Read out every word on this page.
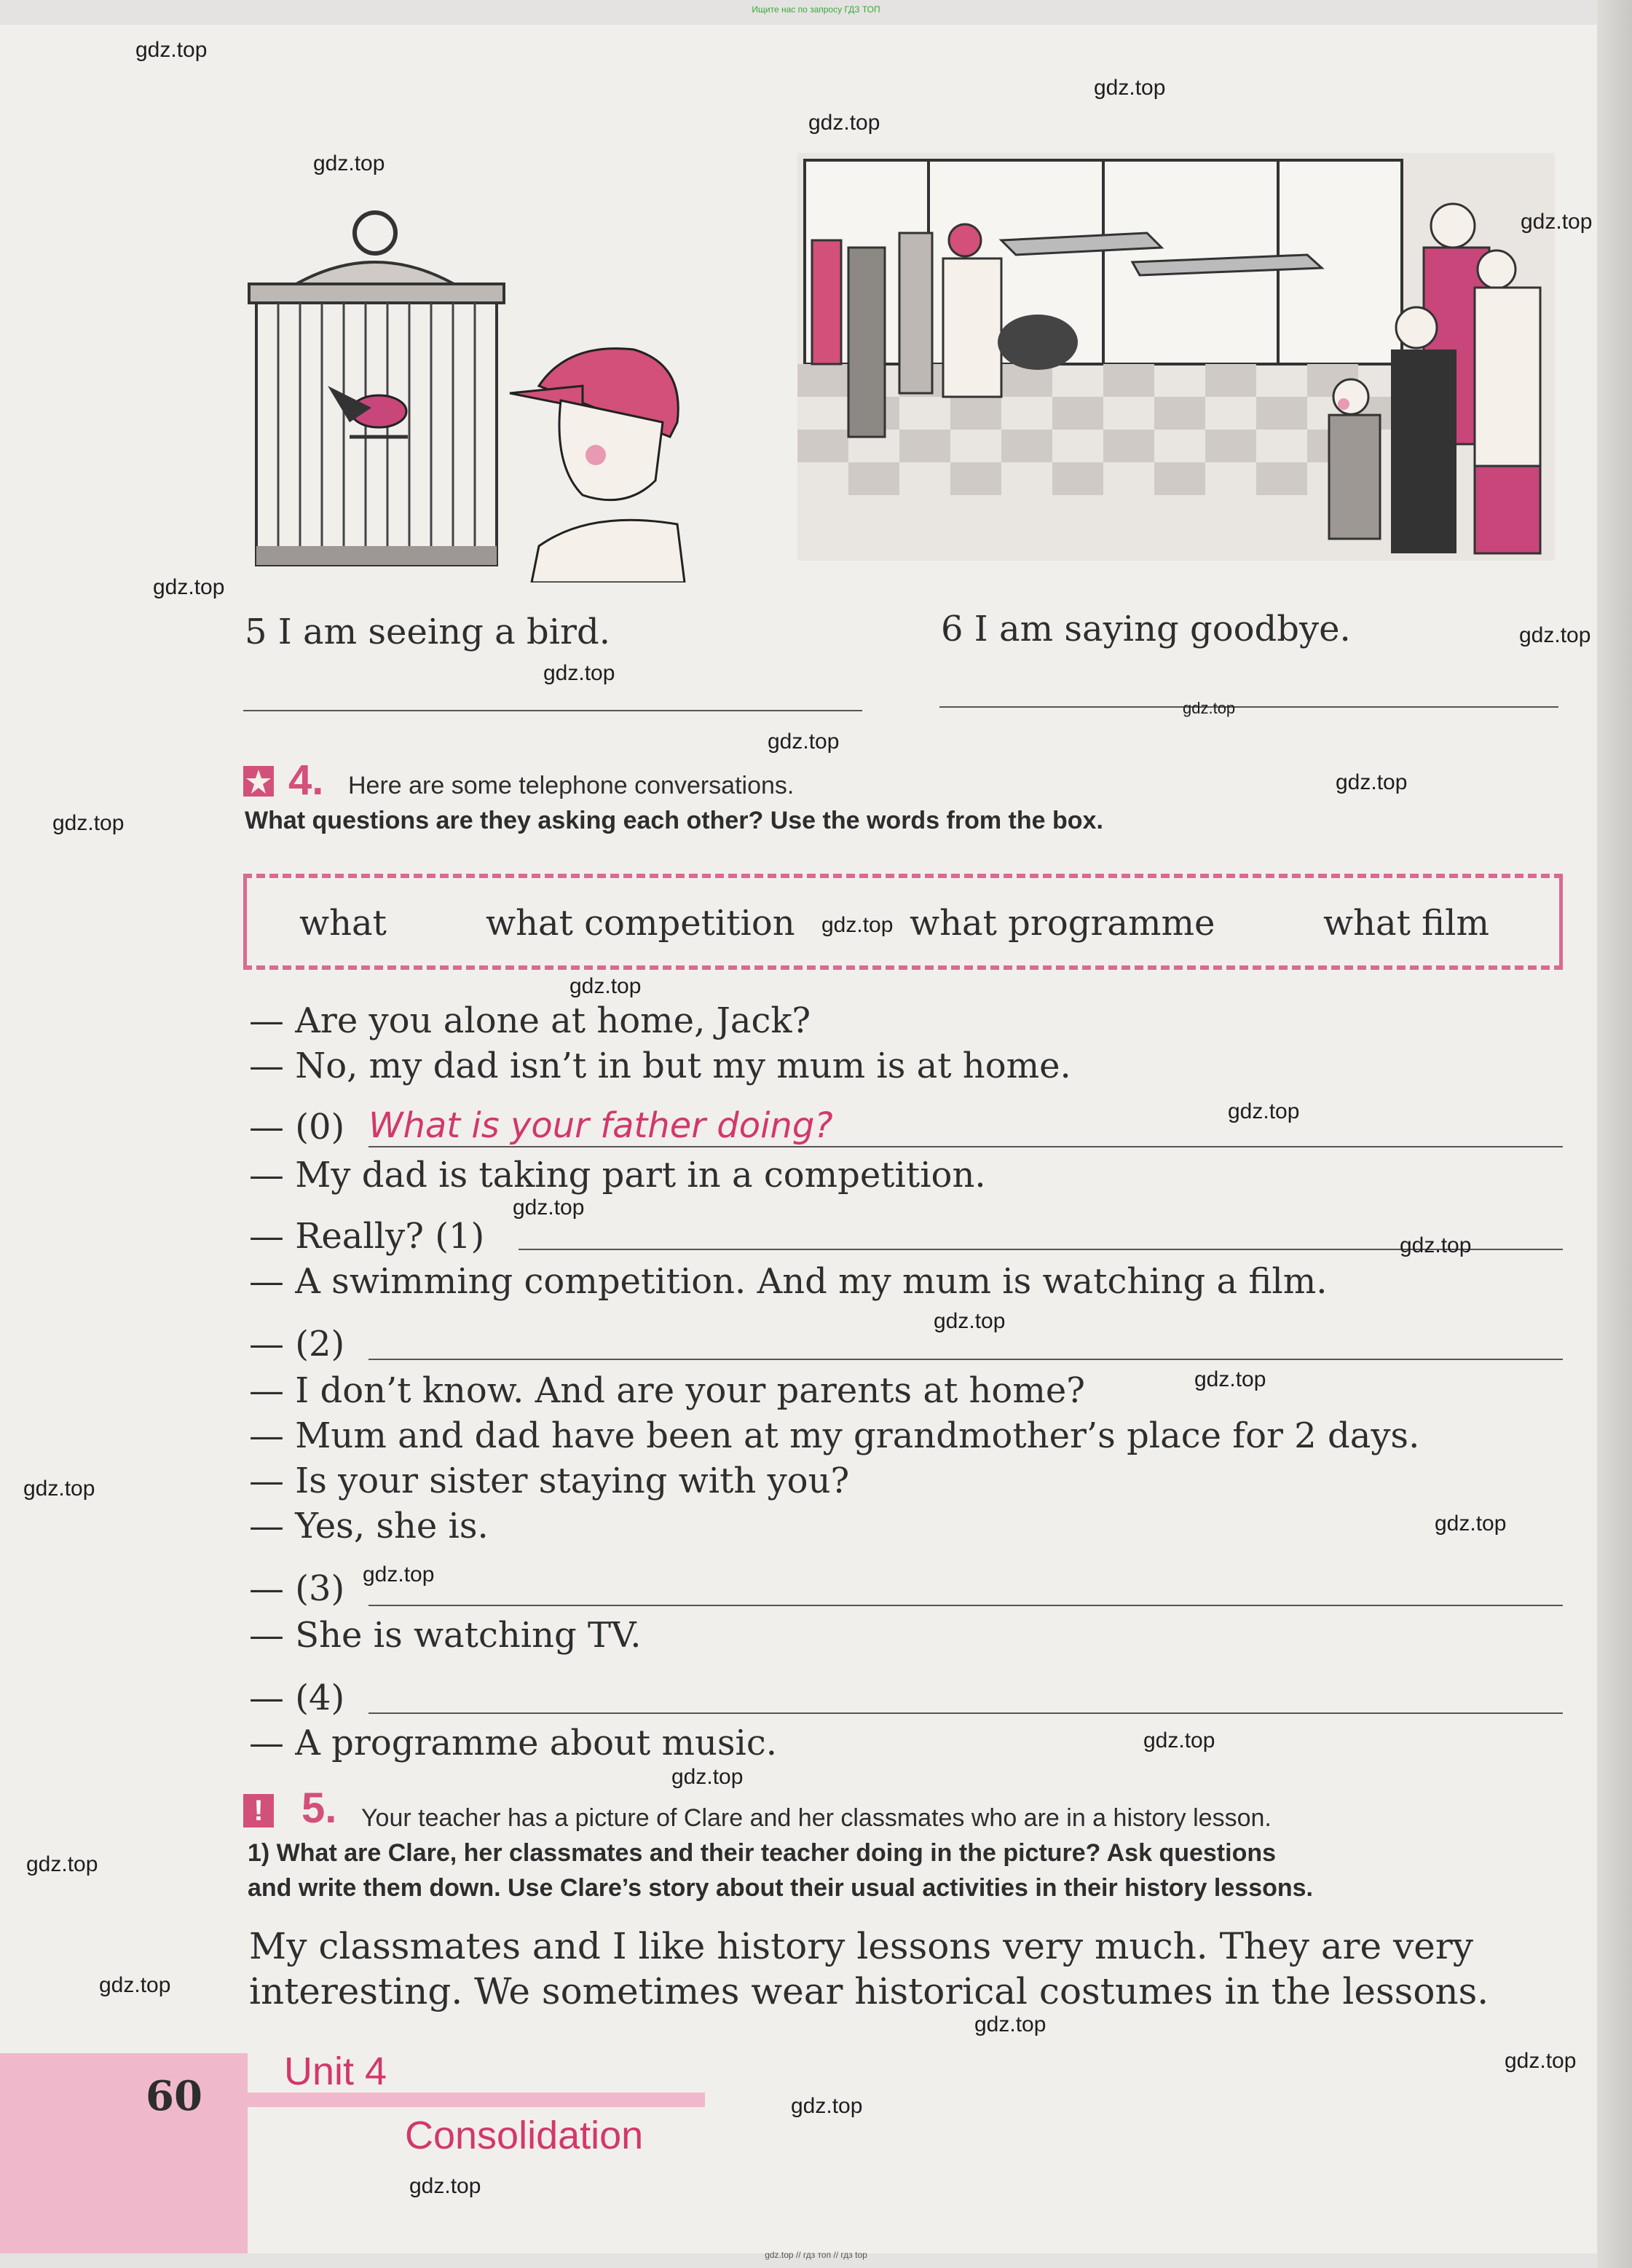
Ищите нас по запросу ГДЗ ТОП
5 I am seeing a bird.	6 I am saying goodbye.
4. Here are some telephone conversations.
What questions are they asking each other? Use the words from the box.
what	what competition	what programme	what film
— Are you alone at home, Jack?
— No, my dad isn’t in but my mum is at home.
— (0) What is your father doing?
— My dad is taking part in a competition.
— Really? (1)
— A swimming competition. And my mum is watching a film.
— (2)
— I don’t know. And are your parents at home?
— Mum and dad have been at my grandmother’s place for 2 days.
— Is your sister staying with you?
— Yes, she is.
— (3)
— She is watching TV.
— (4)
— A programme about music.
! 5. Your teacher has a picture of Clare and her classmates who are in a history lesson.
1) What are Clare, her classmates and their teacher doing in the picture? Ask questions
and write them down. Use Clare’s story about their usual activities in their history lessons.
My classmates and I like history lessons very much. They are very
interesting. We sometimes wear historical costumes in the lessons.
60
Unit 4
Consolidation
gdz.top
gdz.top
gdz.top
gdz.top
gdz.top
gdz.top
gdz.top
gdz.top
gdz.top
gdz.top
gdz.top
gdz.top
gdz.top
gdz.top
gdz.top
gdz.top
gdz.top
gdz.top
gdz.top
gdz.top
gdz.top
gdz.top
gdz.top
gdz.top
gdz.top
gdz.top
gdz.top
gdz.top
gdz.top
gdz.top
gdz.top // гдз топ // гдз top
